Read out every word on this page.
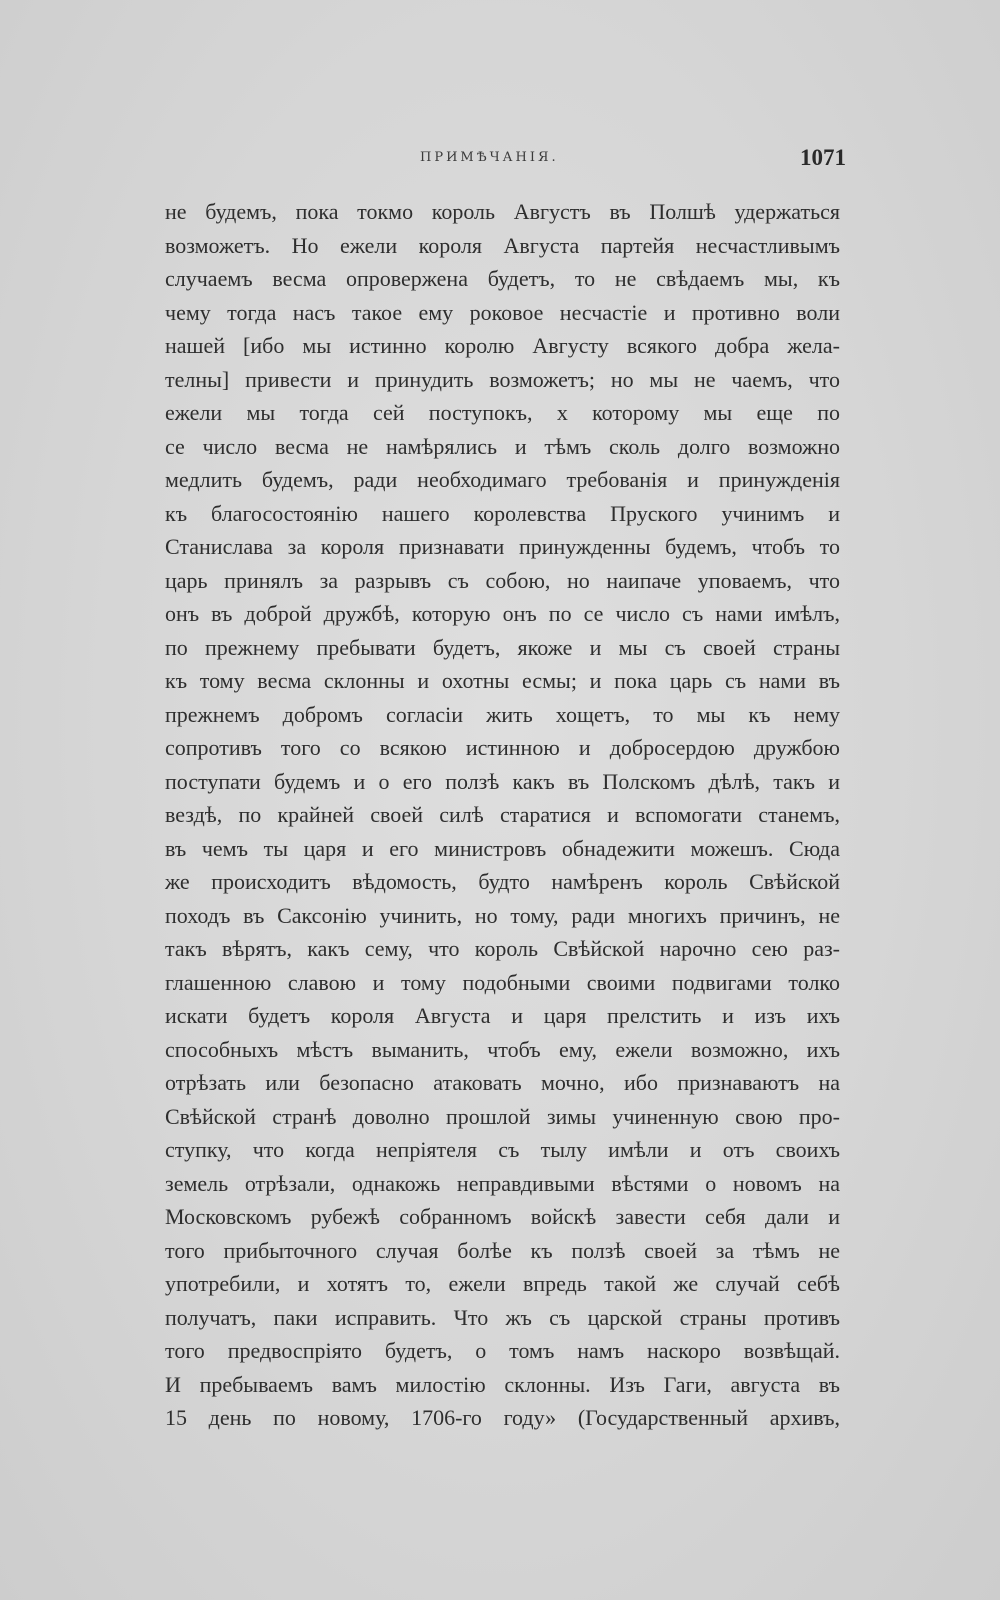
ПРИМѢЧАНІЯ.	1071
не будемъ, пока токмо король Августъ въ Полшѣ удержаться
возможетъ. Но ежели короля Августа партейя несчастливымъ
случаемъ весма опровержена будетъ, то не свѣдаемъ мы, къ
чему тогда насъ такое ему роковое несчастіе и противно воли
нашей [ибо мы истинно королю Августу всякого добра жела-
телны] привести и принудить возможетъ; но мы не чаемъ, что
ежели мы тогда сей поступокъ, х которому мы еще по
се число весма не намѣрялись и тѣмъ сколь долго возможно
медлить будемъ, ради необходимаго требованія и принужденія
къ благосостоянію нашего королевства Пруского учинимъ и
Станислава за короля признавати принужденны будемъ, чтобъ то
царь принялъ за разрывъ съ собою, но наипаче уповаемъ, что
онъ въ доброй дружбѣ, которую онъ по се число съ нами имѣлъ,
по прежнему пребывати будетъ, якоже и мы съ своей страны
къ тому весма склонны и охотны есмы; и пока царь съ нами въ
прежнемъ добромъ согласіи жить хощетъ, то мы къ нему
сопротивъ того со всякою истинною и добросердою дружбою
поступати будемъ и о его ползѣ какъ въ Полскомъ дѣлѣ, такъ и
вездѣ, по крайней своей силѣ старатися и вспомогати станемъ,
въ чемъ ты царя и его министровъ обнадежити можешъ. Сюда
же происходитъ вѣдомость, будто намѣренъ король Свѣйской
походъ въ Саксонію учинить, но тому, ради многихъ причинъ, не
такъ вѣрятъ, какъ сему, что король Свѣйской нарочно сею раз-
глашенною славою и тому подобными своими подвигами толко
искати будетъ короля Августа и царя прелстить и изъ ихъ
способныхъ мѣстъ выманить, чтобъ ему, ежели возможно, ихъ
отрѣзать или безопасно атаковать мочно, ибо признаваютъ на
Свѣйской странѣ доволно прошлой зимы учиненную свою про-
ступку, что когда непріятеля съ тылу имѣли и отъ своихъ
земель отрѣзали, однакожь неправдивыми вѣстями о новомъ на
Московскомъ рубежѣ собранномъ войскѣ завести себя дали и
того прибыточного случая болѣе къ ползѣ своей за тѣмъ не
употребили, и хотятъ то, ежели впредь такой же случай себѣ
получатъ, паки исправить. Что жъ съ царской страны противъ
того предвоспріято будетъ, о томъ намъ наскоро возвѣщай.
И пребываемъ вамъ милостію склонны. Изъ Гаги, августа въ
15 день по новому, 1706-го году» (Государственный архивъ,
